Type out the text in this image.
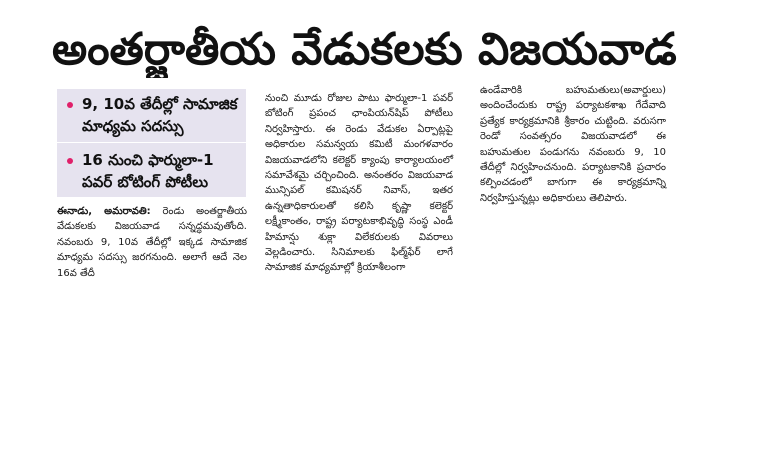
అంతర్జాతీయ వేడుకలకు విజయవాడ
9, 10వ తేదీల్లో సామాజిక మాధ్యమ సదస్సు
16 నుంచి ఫార్ములా-1 పవర్ బోటింగ్ పోటీలు
ఈనాడు, అమరావతి: రెండు అంతర్జాతీయ వేడుకలకు విజయవాడ సన్నద్ధమవుతోంది. నవంబరు 9, 10వ తేదీల్లో ఇక్కడ సామాజిక మాధ్యమ సదస్సు జరగనుంది. అలాగే ఆదే నెల 16వ తేదీ
నుంచి మూడు రోజుల పాటు ఫార్ములా-1 పవర్ బోటింగ్ ప్రపంచ ఛాంపియన్‌షిప్ పోటీలు నిర్వహిస్తారు. ఈ రెండు వేడుకల ఏర్పాట్లపై అధికారుల సమన్వయ కమిటీ మంగళవారం విజయవాడలోని కలెక్టర్ క్యాంపు కార్యాలయంలో సమావేశమై చర్చించింది. అనంతరం విజయవాడ మున్సిపల్ కమిషనర్ నివాస్, ఇతర ఉన్నతాధికారులతో కలిసి కృష్ణా కలెక్టర్ లక్ష్మీకాంతం, రాష్ట్ర పర్యాటకాభివృద్ధి సంస్థ ఎండీ హిమాన్షు శుక్లా విలేకరులకు వివరాలు వెల్లడించారు. సినిమాలకు ఫిల్మ్‌ఫేర్ లాగే సామాజిక మాధ్యమాల్లో క్రియాశీలంగా
ఉండేవారికి బహుమతులు(అవార్డులు) అందించేందుకు రాష్ట్ర పర్యాటకశాఖ గేదేవాది ప్రత్యేక కార్యక్రమానికి శ్రీకారం చుట్టింది. వరుసగా రెండో సంవత్సరం విజయవాడలో ఈ బహుమతుల పండుగను నవంబరు 9, 10 తేదీల్లో నిర్వహించనుంది. పర్యాటకానికి ప్రచారం కల్పించడంలో బాగుగా ఈ కార్యక్రమాన్ని నిర్వహిస్తున్నట్లు అధికారులు తెలిపారు.
